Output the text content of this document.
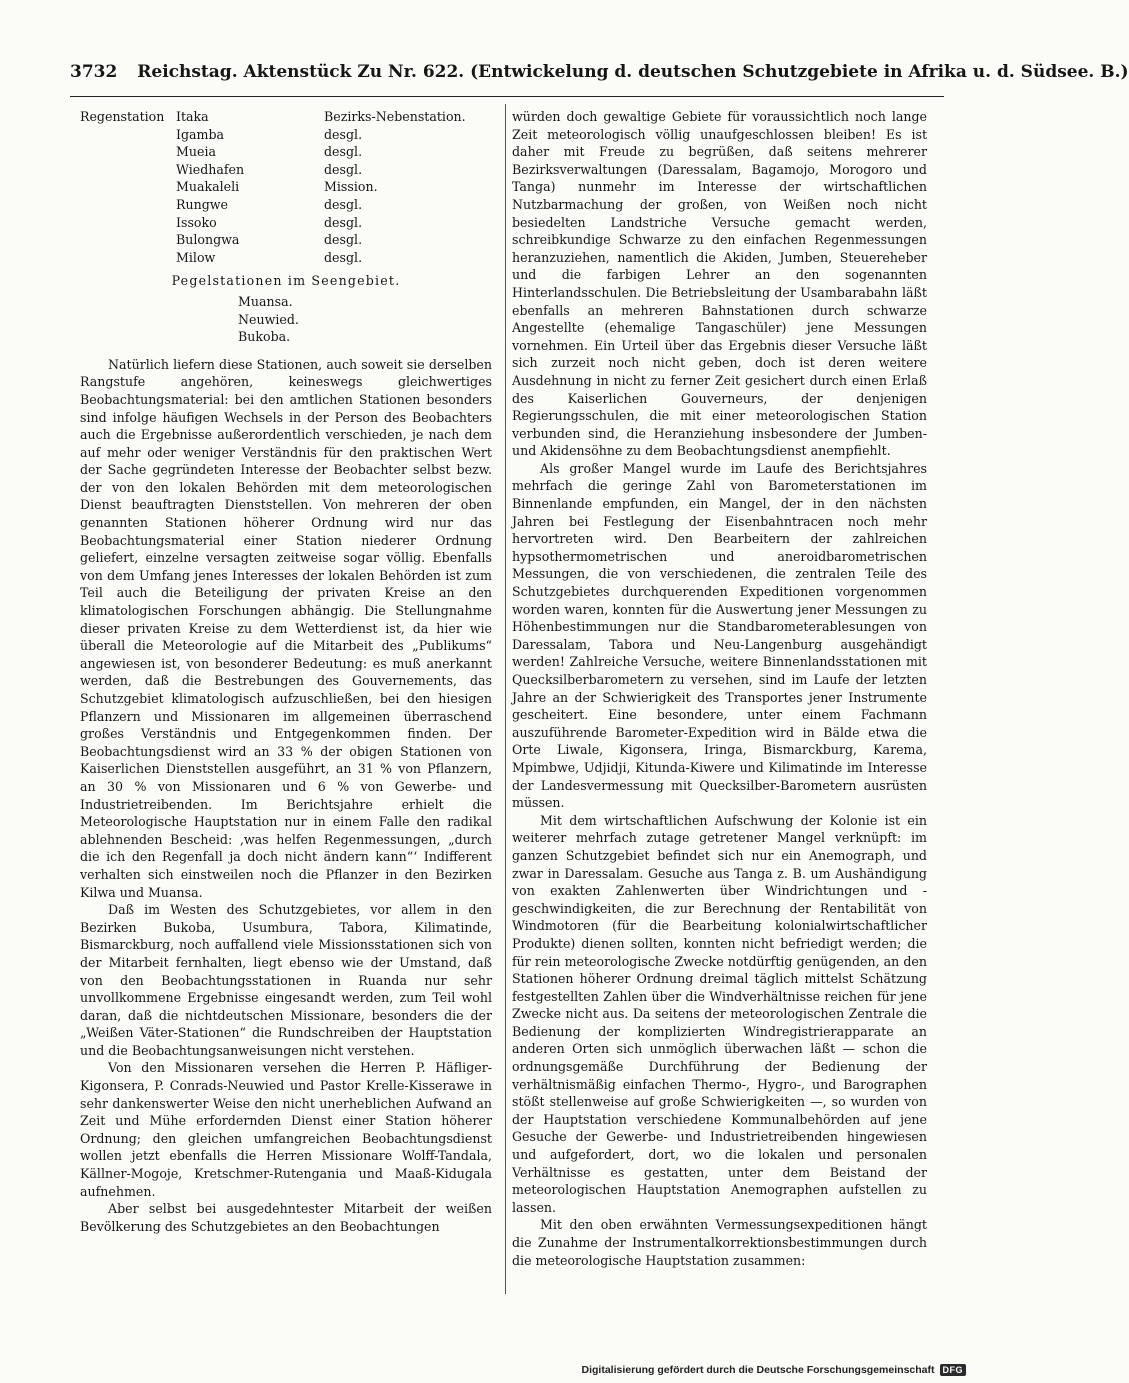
3732 Reichstag. Aktenstück Zu Nr. 622. (Entwickelung d. deutschen Schutzgebiete in Afrika u. d. Südsee. B.)
Regenstation	Itaka	Bezirks-Nebenstation.
	Igamba	desgl.
	Mueia	desgl.
	Wiedhafen	desgl.
	Muakaleli	Mission.
	Rungwe	desgl.
	Issoko	desgl.
	Bulongwa	desgl.
	Milow	desgl.
Pegelstationen im Seengebiet.
Muansa.
Neuwied.
Bukoba.

Natürlich liefern diese Stationen, auch soweit sie derselben Rangstufe angehören, keineswegs gleichwertiges Beobachtungsmaterial: bei den amtlichen Stationen besonders sind infolge häufigen Wechsels in der Person des Beobachters auch die Ergebnisse außerordentlich verschieden, je nach dem auf mehr oder weniger Verständnis für den praktischen Wert der Sache gegründeten Interesse der Beobachter selbst bezw. der von den lokalen Behörden mit dem meteorologischen Dienst beauftragten Dienststellen. Von mehreren der oben genannten Stationen höherer Ordnung wird nur das Beobachtungsmaterial einer Station niederer Ordnung geliefert, einzelne versagten zeitweise sogar völlig. Ebenfalls von dem Umfang jenes Interesses der lokalen Behörden ist zum Teil auch die Beteiligung der privaten Kreise an den klimatologischen Forschungen abhängig. Die Stellungnahme dieser privaten Kreise zu dem Wetterdienst ist, da hier wie überall die Meteorologie auf die Mitarbeit des „Publikums“ angewiesen ist, von besonderer Bedeutung: es muß anerkannt werden, daß die Bestrebungen des Gouvernements, das Schutzgebiet klimatologisch aufzuschließen, bei den hiesigen Pflanzern und Missionaren im allgemeinen überraschend großes Verständnis und Entgegenkommen finden. Der Beobachtungsdienst wird an 33 % der obigen Stationen von Kaiserlichen Dienststellen ausgeführt, an 31 % von Pflanzern, an 30 % von Missionaren und 6 % von Gewerbe- und Industrietreibenden. Im Berichtsjahre erhielt die Meteorologische Hauptstation nur in einem Falle den radikal ablehnenden Bescheid: ‚was helfen Regenmessungen, „durch die ich den Regenfall ja doch nicht ändern kann“‘ Indifferent verhalten sich einstweilen noch die Pflanzer in den Bezirken Kilwa und Muansa.

Daß im Westen des Schutzgebietes, vor allem in den Bezirken Bukoba, Usumbura, Tabora, Kilimatinde, Bismarckburg, noch auffallend viele Missionsstationen sich von der Mitarbeit fernhalten, liegt ebenso wie der Umstand, daß von den Beobachtungsstationen in Ruanda nur sehr unvollkommene Ergebnisse eingesandt werden, zum Teil wohl daran, daß die nichtdeutschen Missionare, besonders die der „Weißen Väter-Stationen“ die Rundschreiben der Hauptstation und die Beobachtungsanweisungen nicht verstehen.

Von den Missionaren versehen die Herren P. Häfliger-Kigonsera, P. Conrads-Neuwied und Pastor Krelle-Kisserawe in sehr dankenswerter Weise den nicht unerheblichen Aufwand an Zeit und Mühe erfordernden Dienst einer Station höherer Ordnung; den gleichen umfangreichen Beobachtungsdienst wollen jetzt ebenfalls die Herren Missionare Wolff-Tandala, Källner-Mogoje, Kretschmer-Rutengania und Maaß-Kidugala aufnehmen.

Aber selbst bei ausgedehntester Mitarbeit der weißen Bevölkerung des Schutzgebietes an den Beobachtungen

würden doch gewaltige Gebiete für voraussichtlich noch lange Zeit meteorologisch völlig unaufgeschlossen bleiben! Es ist daher mit Freude zu begrüßen, daß seitens mehrerer Bezirksverwaltungen (Daressalam, Bagamojo, Morogoro und Tanga) nunmehr im Interesse der wirtschaftlichen Nutzbarmachung der großen, von Weißen noch nicht besiedelten Landstriche Versuche gemacht werden, schreibkundige Schwarze zu den einfachen Regenmessungen heranzuziehen, namentlich die Akiden, Jumben, Steuereheber und die farbigen Lehrer an den sogenannten Hinterlandsschulen. Die Betriebsleitung der Usambarabahn läßt ebenfalls an mehreren Bahnstationen durch schwarze Angestellte (ehemalige Tangaschüler) jene Messungen vornehmen. Ein Urteil über das Ergebnis dieser Versuche läßt sich zurzeit noch nicht geben, doch ist deren weitere Ausdehnung in nicht zu ferner Zeit gesichert durch einen Erlaß des Kaiserlichen Gouverneurs, der denjenigen Regierungsschulen, die mit einer meteorologischen Station verbunden sind, die Heranziehung insbesondere der Jumben- und Akidensöhne zu dem Beobachtungsdienst anempfiehlt.

Als großer Mangel wurde im Laufe des Berichtsjahres mehrfach die geringe Zahl von Barometerstationen im Binnenlande empfunden, ein Mangel, der in den nächsten Jahren bei Festlegung der Eisenbahntracen noch mehr hervortreten wird. Den Bearbeitern der zahlreichen hypsothermometrischen und aneroidbarometrischen Messungen, die von verschiedenen, die zentralen Teile des Schutzgebietes durchquerenden Expeditionen vorgenommen worden waren, konnten für die Auswertung jener Messungen zu Höhenbestimmungen nur die Standbarometerablesungen von Daressalam, Tabora und Neu-Langenburg ausgehändigt werden! Zahlreiche Versuche, weitere Binnenlandsstationen mit Quecksilberbarometern zu versehen, sind im Laufe der letzten Jahre an der Schwierigkeit des Transportes jener Instrumente gescheitert. Eine besondere, unter einem Fachmann auszuführende Barometer-Expedition wird in Bälde etwa die Orte Liwale, Kigonsera, Iringa, Bismarckburg, Karema, Mpimbwe, Udjidji, Kitunda-Kiwere und Kilimatinde im Interesse der Landesvermessung mit Quecksilber-Barometern ausrüsten müssen.

Mit dem wirtschaftlichen Aufschwung der Kolonie ist ein weiterer mehrfach zutage getretener Mangel verknüpft: im ganzen Schutzgebiet befindet sich nur ein Anemograph, und zwar in Daressalam. Gesuche aus Tanga z. B. um Aushändigung von exakten Zahlenwerten über Windrichtungen und -geschwindigkeiten, die zur Berechnung der Rentabilität von Windmotoren (für die Bearbeitung kolonialwirtschaftlicher Produkte) dienen sollten, konnten nicht befriedigt werden; die für rein meteorologische Zwecke notdürftig genügenden, an den Stationen höherer Ordnung dreimal täglich mittelst Schätzung festgestellten Zahlen über die Windverhältnisse reichen für jene Zwecke nicht aus. Da seitens der meteorologischen Zentrale die Bedienung der komplizierten Windregistrierapparate an anderen Orten sich unmöglich überwachen läßt — schon die ordnungsgemäße Durchführung der Bedienung der verhältnismäßig einfachen Thermo-, Hygro-, und Barographen stößt stellenweise auf große Schwierigkeiten —, so wurden von der Hauptstation verschiedene Kommunalbehörden auf jene Gesuche der Gewerbe- und Industrietreibenden hingewiesen und aufgefordert, dort, wo die lokalen und personalen Verhältnisse es gestatten, unter dem Beistand der meteorologischen Hauptstation Anemographen aufstellen zu lassen.

Mit den oben erwähnten Vermessungsexpeditionen hängt die Zunahme der Instrumentalkorrektionsbestimmungen durch die meteorologische Hauptstation zusammen:

Digitalisierung gefördert durch die Deutsche Forschungsgemeinschaft DFG
